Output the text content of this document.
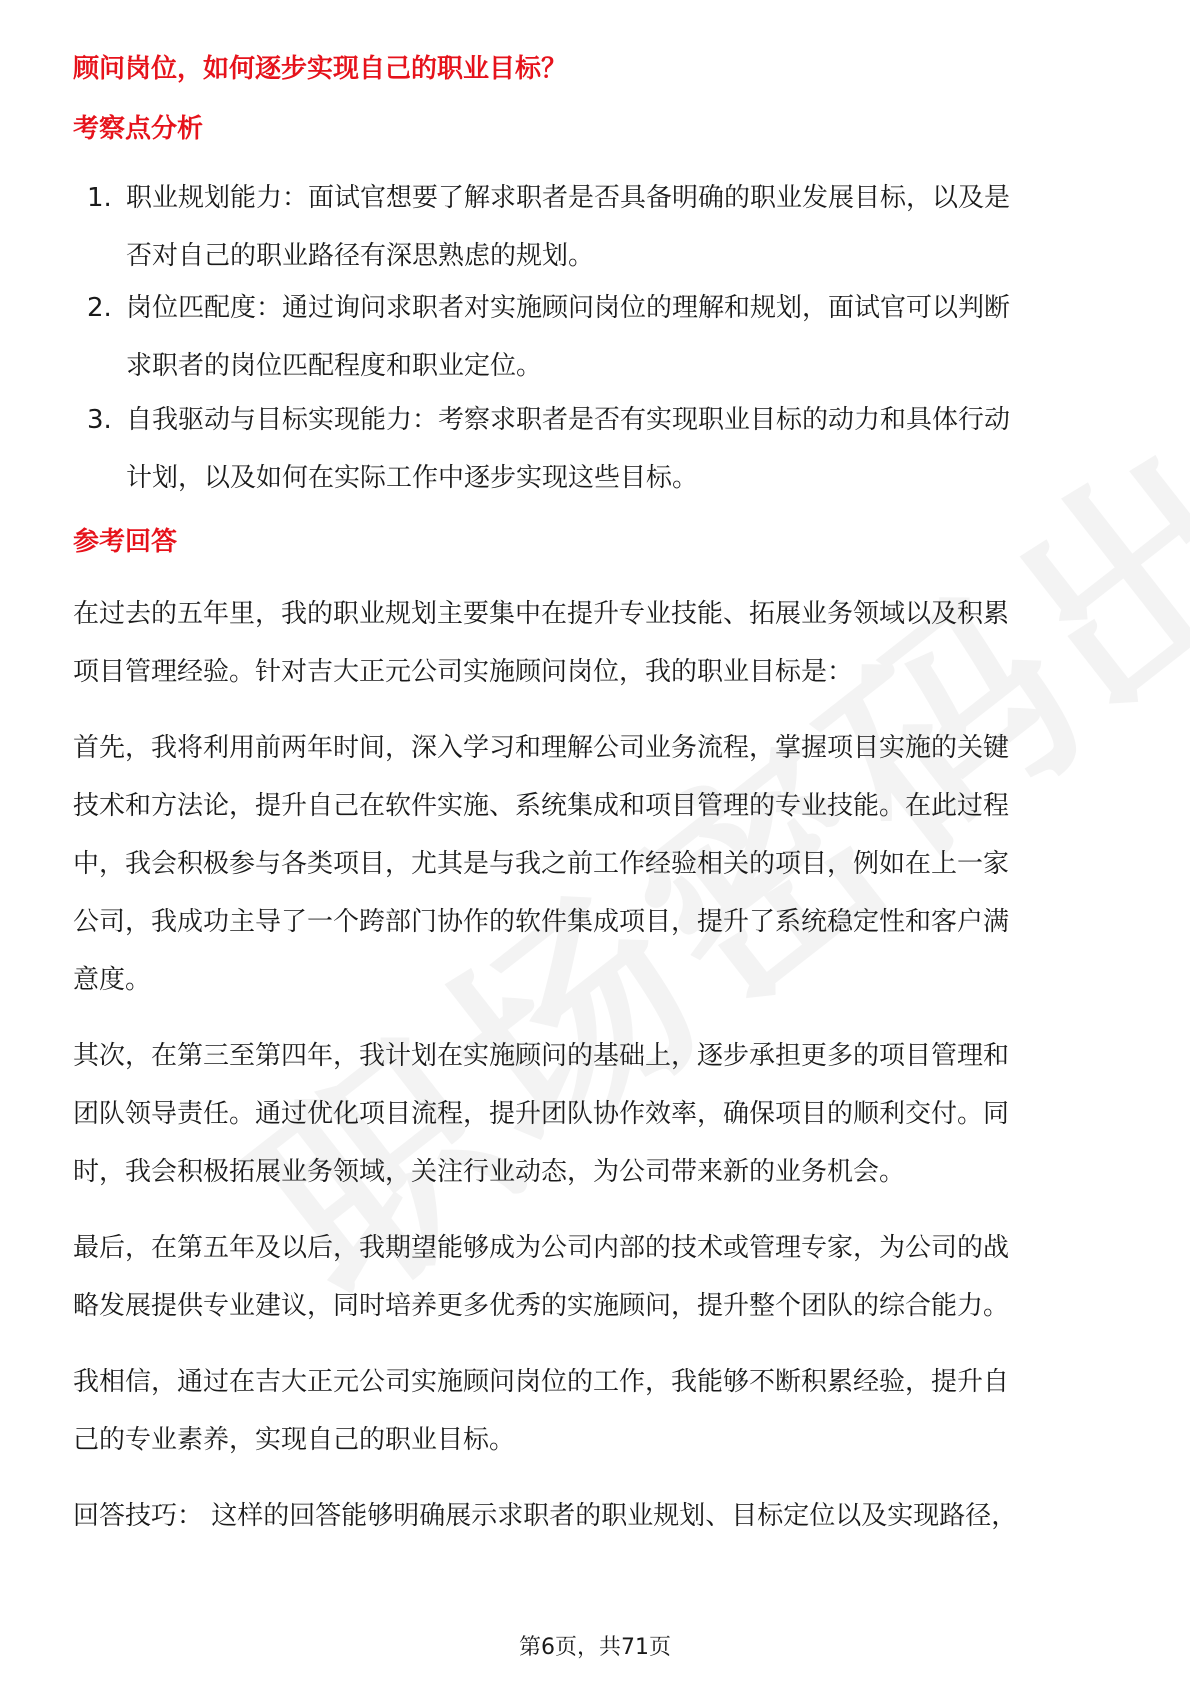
顾问岗位，如何逐步实现自己的职业目标？
考察点分析
1. 职业规划能力：面试官想要了解求职者是否具备明确的职业发展目标，以及是
否对自己的职业路径有深思熟虑的规划。
2. 岗位匹配度：通过询问求职者对实施顾问岗位的理解和规划，面试官可以判断
求职者的岗位匹配程度和职业定位。
3. 自我驱动与目标实现能力：考察求职者是否有实现职业目标的动力和具体行动
计划，以及如何在实际工作中逐步实现这些目标。
参考回答
在过去的五年里，我的职业规划主要集中在提升专业技能、拓展业务领域以及积累
项目管理经验。针对吉大正元公司实施顾问岗位，我的职业目标是：
首先，我将利用前两年时间，深入学习和理解公司业务流程，掌握项目实施的关键
技术和方法论，提升自己在软件实施、系统集成和项目管理的专业技能。在此过程
中，我会积极参与各类项目，尤其是与我之前工作经验相关的项目，例如在上一家
公司，我成功主导了一个跨部门协作的软件集成项目，提升了系统稳定性和客户满
意度。
其次，在第三至第四年，我计划在实施顾问的基础上，逐步承担更多的项目管理和
团队领导责任。通过优化项目流程，提升团队协作效率，确保项目的顺利交付。同
时，我会积极拓展业务领域，关注行业动态，为公司带来新的业务机会。
最后，在第五年及以后，我期望能够成为公司内部的技术或管理专家，为公司的战
略发展提供专业建议，同时培养更多优秀的实施顾问，提升整个团队的综合能力。
我相信，通过在吉大正元公司实施顾问岗位的工作，我能够不断积累经验，提升自
己的专业素养，实现自己的职业目标。
回答技巧： 这样的回答能够明确展示求职者的职业规划、目标定位以及实现路径，
第6页，共71页
